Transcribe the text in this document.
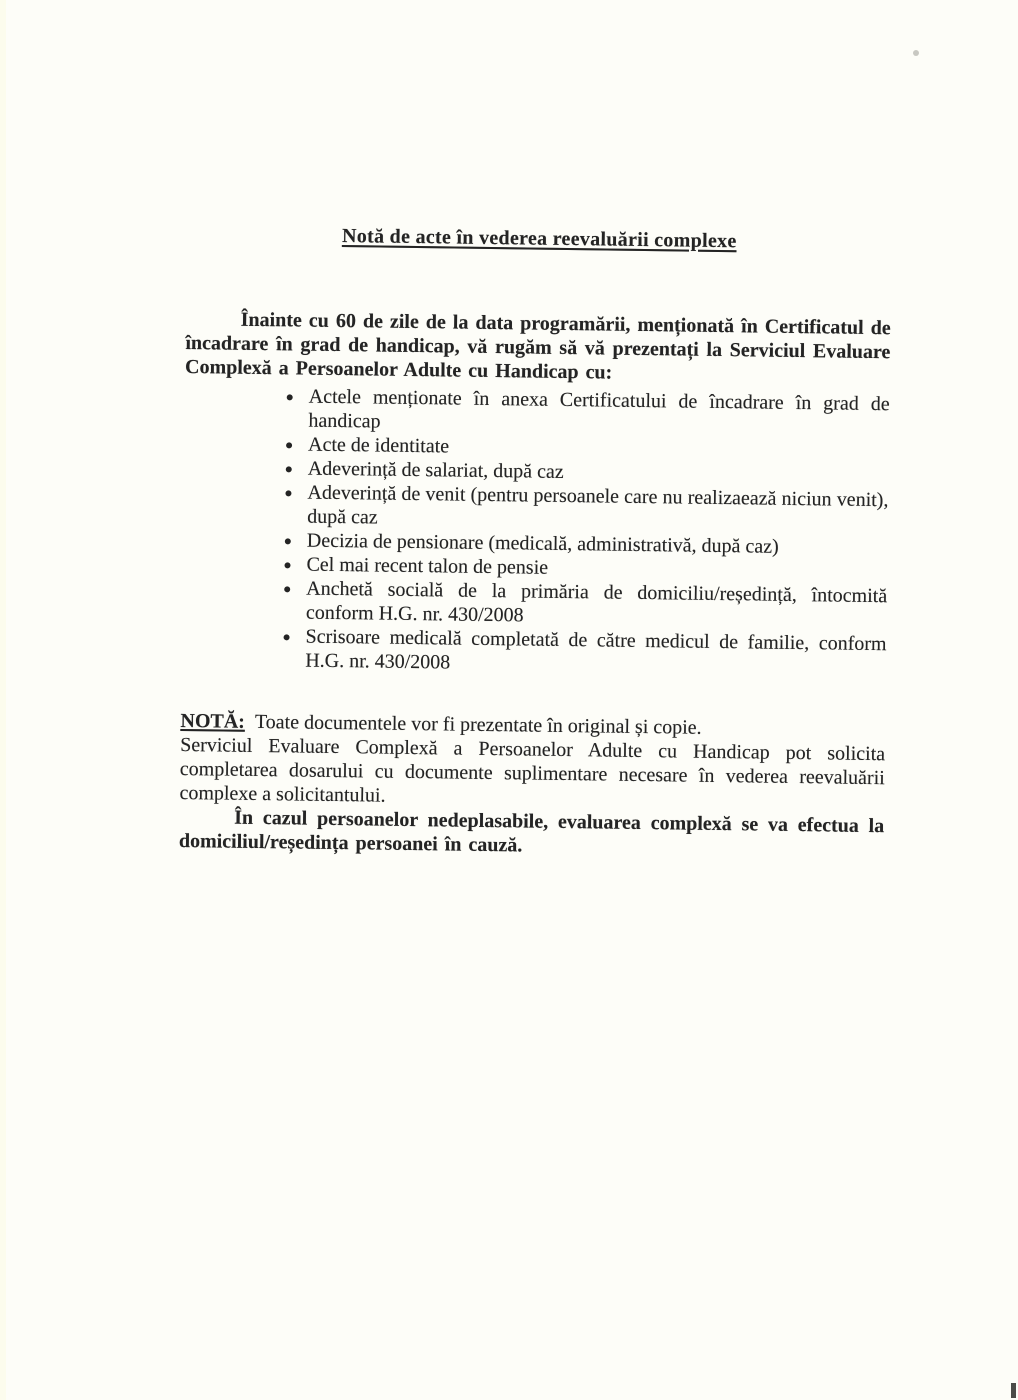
Notă de acte în vederea reevaluării complexe

Înainte cu 60 de zile de la data programării, menționată în Certificatul de încadrare în grad de handicap, vă rugăm să vă prezentați la Serviciul Evaluare Complexă a Persoanelor Adulte cu Handicap cu:

• Actele menționate în anexa Certificatului de încadrare în grad de handicap
• Acte de identitate
• Adeverință de salariat, după caz
• Adeverință de venit (pentru persoanele care nu realizaează niciun venit), după caz
• Decizia de pensionare (medicală, administrativă, după caz)
• Cel mai recent talon de pensie
• Anchetă socială de la primăria de domiciliu/reședință, întocmită conform H.G. nr. 430/2008
• Scrisoare medicală completată de către medicul de familie, conform H.G. nr. 430/2008

NOTĂ: Toate documentele vor fi prezentate în original și copie.

Serviciul Evaluare Complexă a Persoanelor Adulte cu Handicap pot solicita completarea dosarului cu documente suplimentare necesare în vederea reevaluării complexe a solicitantului.

În cazul persoanelor nedeplasabile, evaluarea complexă se va efectua la domiciliul/reședința persoanei în cauză.
